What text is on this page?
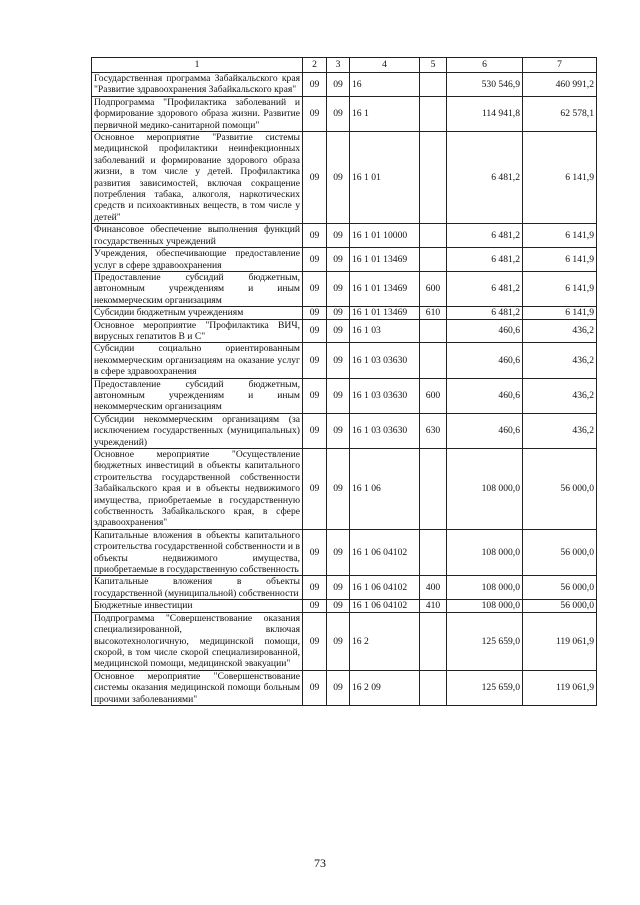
1	2	3	4	5	6	7
Государственная программа Забайкальского края "Развитие здравоохранения Забайкальского края"	09	09	16		530 546,9	460 991,2
Подпрограмма "Профилактика заболеваний и формирование здорового образа жизни. Развитие первичной медико-санитарной помощи"	09	09	16 1		114 941,8	62 578,1
Основное мероприятие "Развитие системы медицинской профилактики неинфекционных заболеваний и формирование здорового образа жизни, в том числе у детей. Профилактика развития зависимостей, включая сокращение потребления табака, алкоголя, наркотических средств и психоактивных веществ, в том числе у детей"	09	09	16 1 01		6 481,2	6 141,9
Финансовое обеспечение выполнения функций государственных учреждений	09	09	16 1 01 10000		6 481,2	6 141,9
Учреждения, обеспечивающие предоставление услуг в сфере здравоохранения	09	09	16 1 01 13469		6 481,2	6 141,9
Предоставление субсидий бюджетным, автономным учреждениям и иным некоммерческим организациям	09	09	16 1 01 13469	600	6 481,2	6 141,9
Субсидии бюджетным учреждениям	09	09	16 1 01 13469	610	6 481,2	6 141,9
Основное мероприятие "Профилактика ВИЧ, вирусных гепатитов В и С"	09	09	16 1 03		460,6	436,2
Субсидии социально ориентированным некоммерческим организациям на оказание услуг в сфере здравоохранения	09	09	16 1 03 03630		460,6	436,2
Предоставление субсидий бюджетным, автономным учреждениям и иным некоммерческим организациям	09	09	16 1 03 03630	600	460,6	436,2
Субсидии некоммерческим организациям (за исключением государственных (муниципальных) учреждений)	09	09	16 1 03 03630	630	460,6	436,2
Основное мероприятие "Осуществление бюджетных инвестиций в объекты капитального строительства государственной собственности Забайкальского края и в объекты недвижимого имущества, приобретаемые в государственную собственность Забайкальского края, в сфере здравоохранения"	09	09	16 1 06		108 000,0	56 000,0
Капитальные вложения в объекты капитального строительства государственной собственности и в объекты недвижимого имущества, приобретаемые в государственную собственность	09	09	16 1 06 04102		108 000,0	56 000,0
Капитальные вложения в объекты государственной (муниципальной) собственности	09	09	16 1 06 04102	400	108 000,0	56 000,0
Бюджетные инвестиции	09	09	16 1 06 04102	410	108 000,0	56 000,0
Подпрограмма "Совершенствование оказания специализированной, включая высокотехнологичную, медицинской помощи, скорой, в том числе скорой специализированной, медицинской помощи, медицинской эвакуации"	09	09	16 2		125 659,0	119 061,9
Основное мероприятие "Совершенствование системы оказания медицинской помощи больным прочими заболеваниями"	09	09	16 2 09		125 659,0	119 061,9
73
